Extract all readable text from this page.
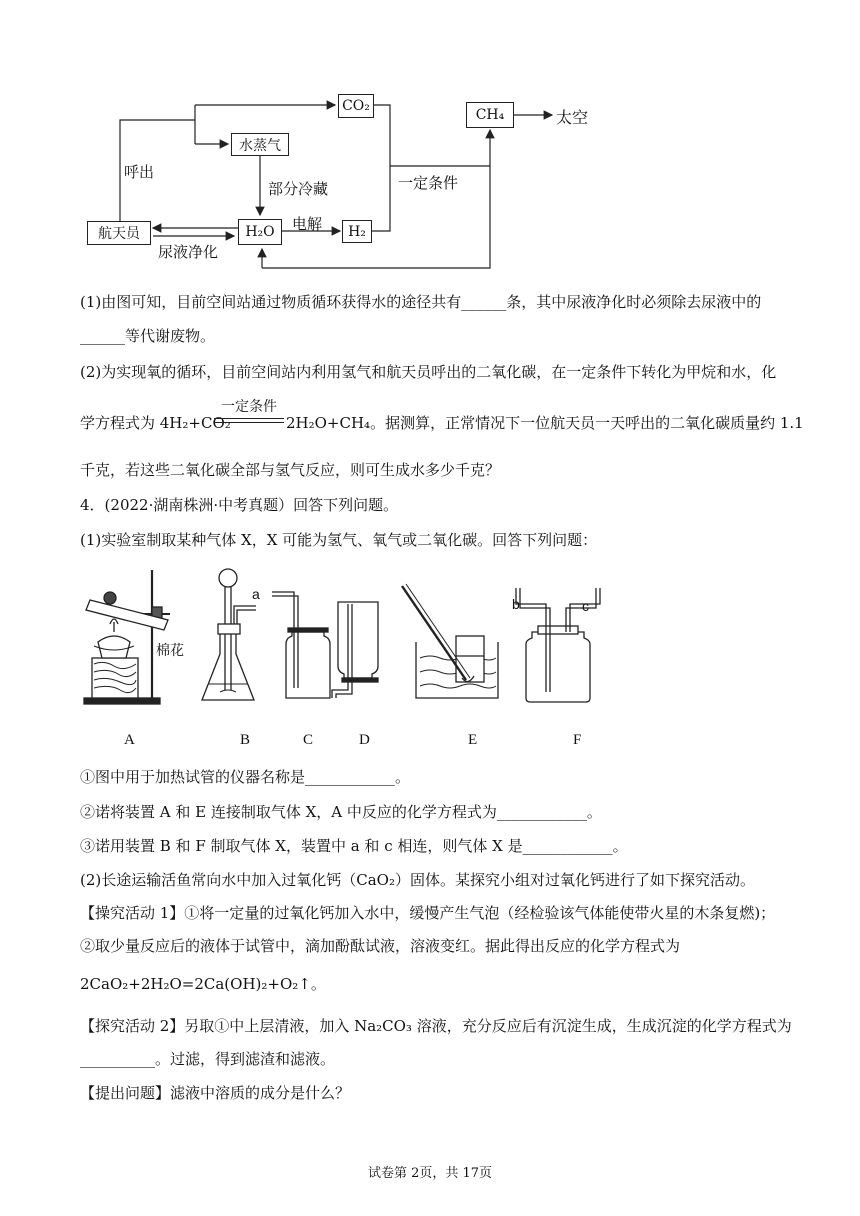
CO₂
CH₄	太空
水蒸气
航天员	H₂O	H₂
呼出
部分冷藏	一定条件
电解
尿液净化
(1)由图可知，目前空间站通过物质循环获得水的途径共有______条，其中尿液净化时必须除去尿液中的
______等代谢废物。
(2)为实现氧的循环，目前空间站内利用氢气和航天员呼出的二氧化碳，在一定条件下转化为甲烷和水，化
学方程式为 4H₂+CO₂
一定条件
2H₂O+CH₄。据测算，正常情况下一位航天员一天呼出的二氧化碳质量约 1.1
千克，若这些二氧化碳全部与氢气反应，则可生成水多少千克？
4．(2022·湖南株洲·中考真题）回答下列问题。
(1)实验室制取某种气体 X，X 可能为氢气、氧气或二氧化碳。回答下列问题：
棉花
a
b	c
A	B	C	D	E	F
①图中用于加热试管的仪器名称是____________。
②诺将装置 A 和 E 连接制取气体 X，A 中反应的化学方程式为____________。
③诺用装置 B 和 F 制取气体 X，装置中 a 和 c 相连，则气体 X 是____________。
(2)长途运输活鱼常向水中加入过氧化钙（CaO₂）固体。某探究小组对过氧化钙进行了如下探究活动。
【操究活动 1】①将一定量的过氧化钙加入水中，缓慢产生气泡（经检验该气体能使带火星的木条复燃)；
②取少量反应后的液体于试管中，滴加酚酞试液，溶液变红。据此得出反应的化学方程式为
2CaO₂+2H₂O=2Ca(OH)₂+O₂↑。
【探究活动 2】另取①中上层清液，加入 Na₂CO₃ 溶液，充分反应后有沉淀生成，生成沉淀的化学方程式为
__________。过滤，得到滤渣和滤液。
【提出问题】滤液中溶质的成分是什么？
试卷第 2页，共 17页
